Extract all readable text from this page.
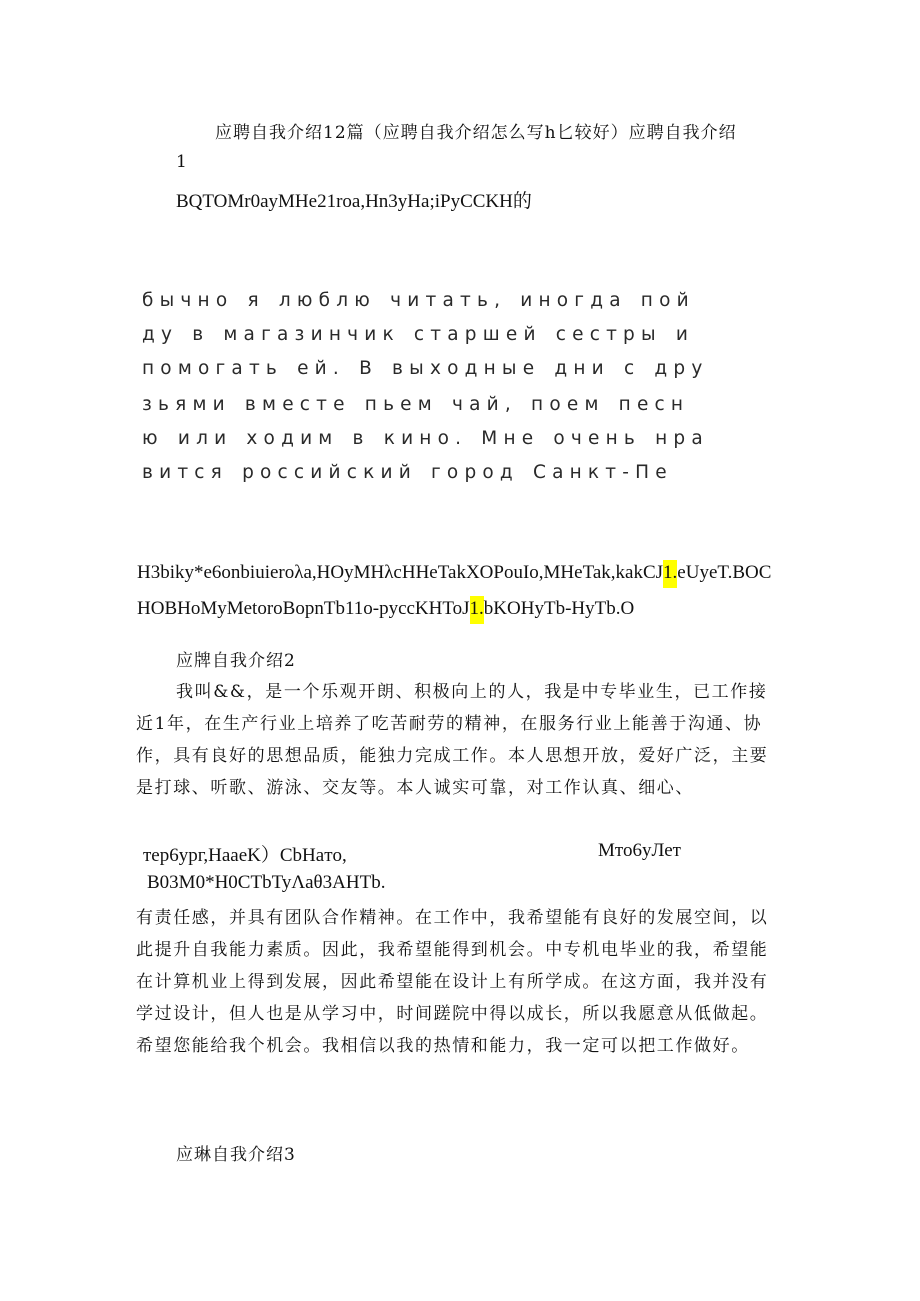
应聘自我介绍12篇（应聘自我介绍怎么写h匕较好）应聘自我介绍
1
BQTOMr0ayMHe21roa,Hn3yHa;iPyCCKH的
бычно я люблю читать, иногда пой
ду в магазинчик старшей сестры и
помогать ей. В выходные дни с дру
зьями вместе пьем чай, поем песн
ю или ходим в кино. Мне очень нра
вится российский город Санкт-Пе
H3biky*e6onbiuieroλa,HOyMHλcHHeTakXOPouIo,MHeTak,kakCJ1.eUyeT.BOC
HOBHoMyMetoroBopnTb11o-pyccKHToJ1.bKOHyTb-HyTb.O
应牌自我介绍2

我叫&&，是一个乐观开朗、积极向上的人，我是中专毕业生，已工作接近1年，在生产行业上培养了吃苦耐劳的精神，在服务行业上能善于沟通、协作，具有良好的思想品质，能独力完成工作。本人思想开放，爱好广泛，主要是打球、听歌、游泳、交友等。本人诚实可靠，对工作认真、细心、

тер6ург,HaaeK）CbHaтo,	Mто6уЛет
B03M0*H0CTbTyΛaθ3AHTb.

有责任感，并具有团队合作精神。在工作中，我希望能有良好的发展空间，以此提升自我能力素质。因此，我希望能得到机会。中专机电毕业的我，希望能在计算机业上得到发展，因此希望能在设计上有所学成。在这方面，我并没有学过设计，但人也是从学习中，时间蹉院中得以成长，所以我愿意从低做起。希望您能给我个机会。我相信以我的热情和能力，我一定可以把工作做好。

应琳自我介绍3
